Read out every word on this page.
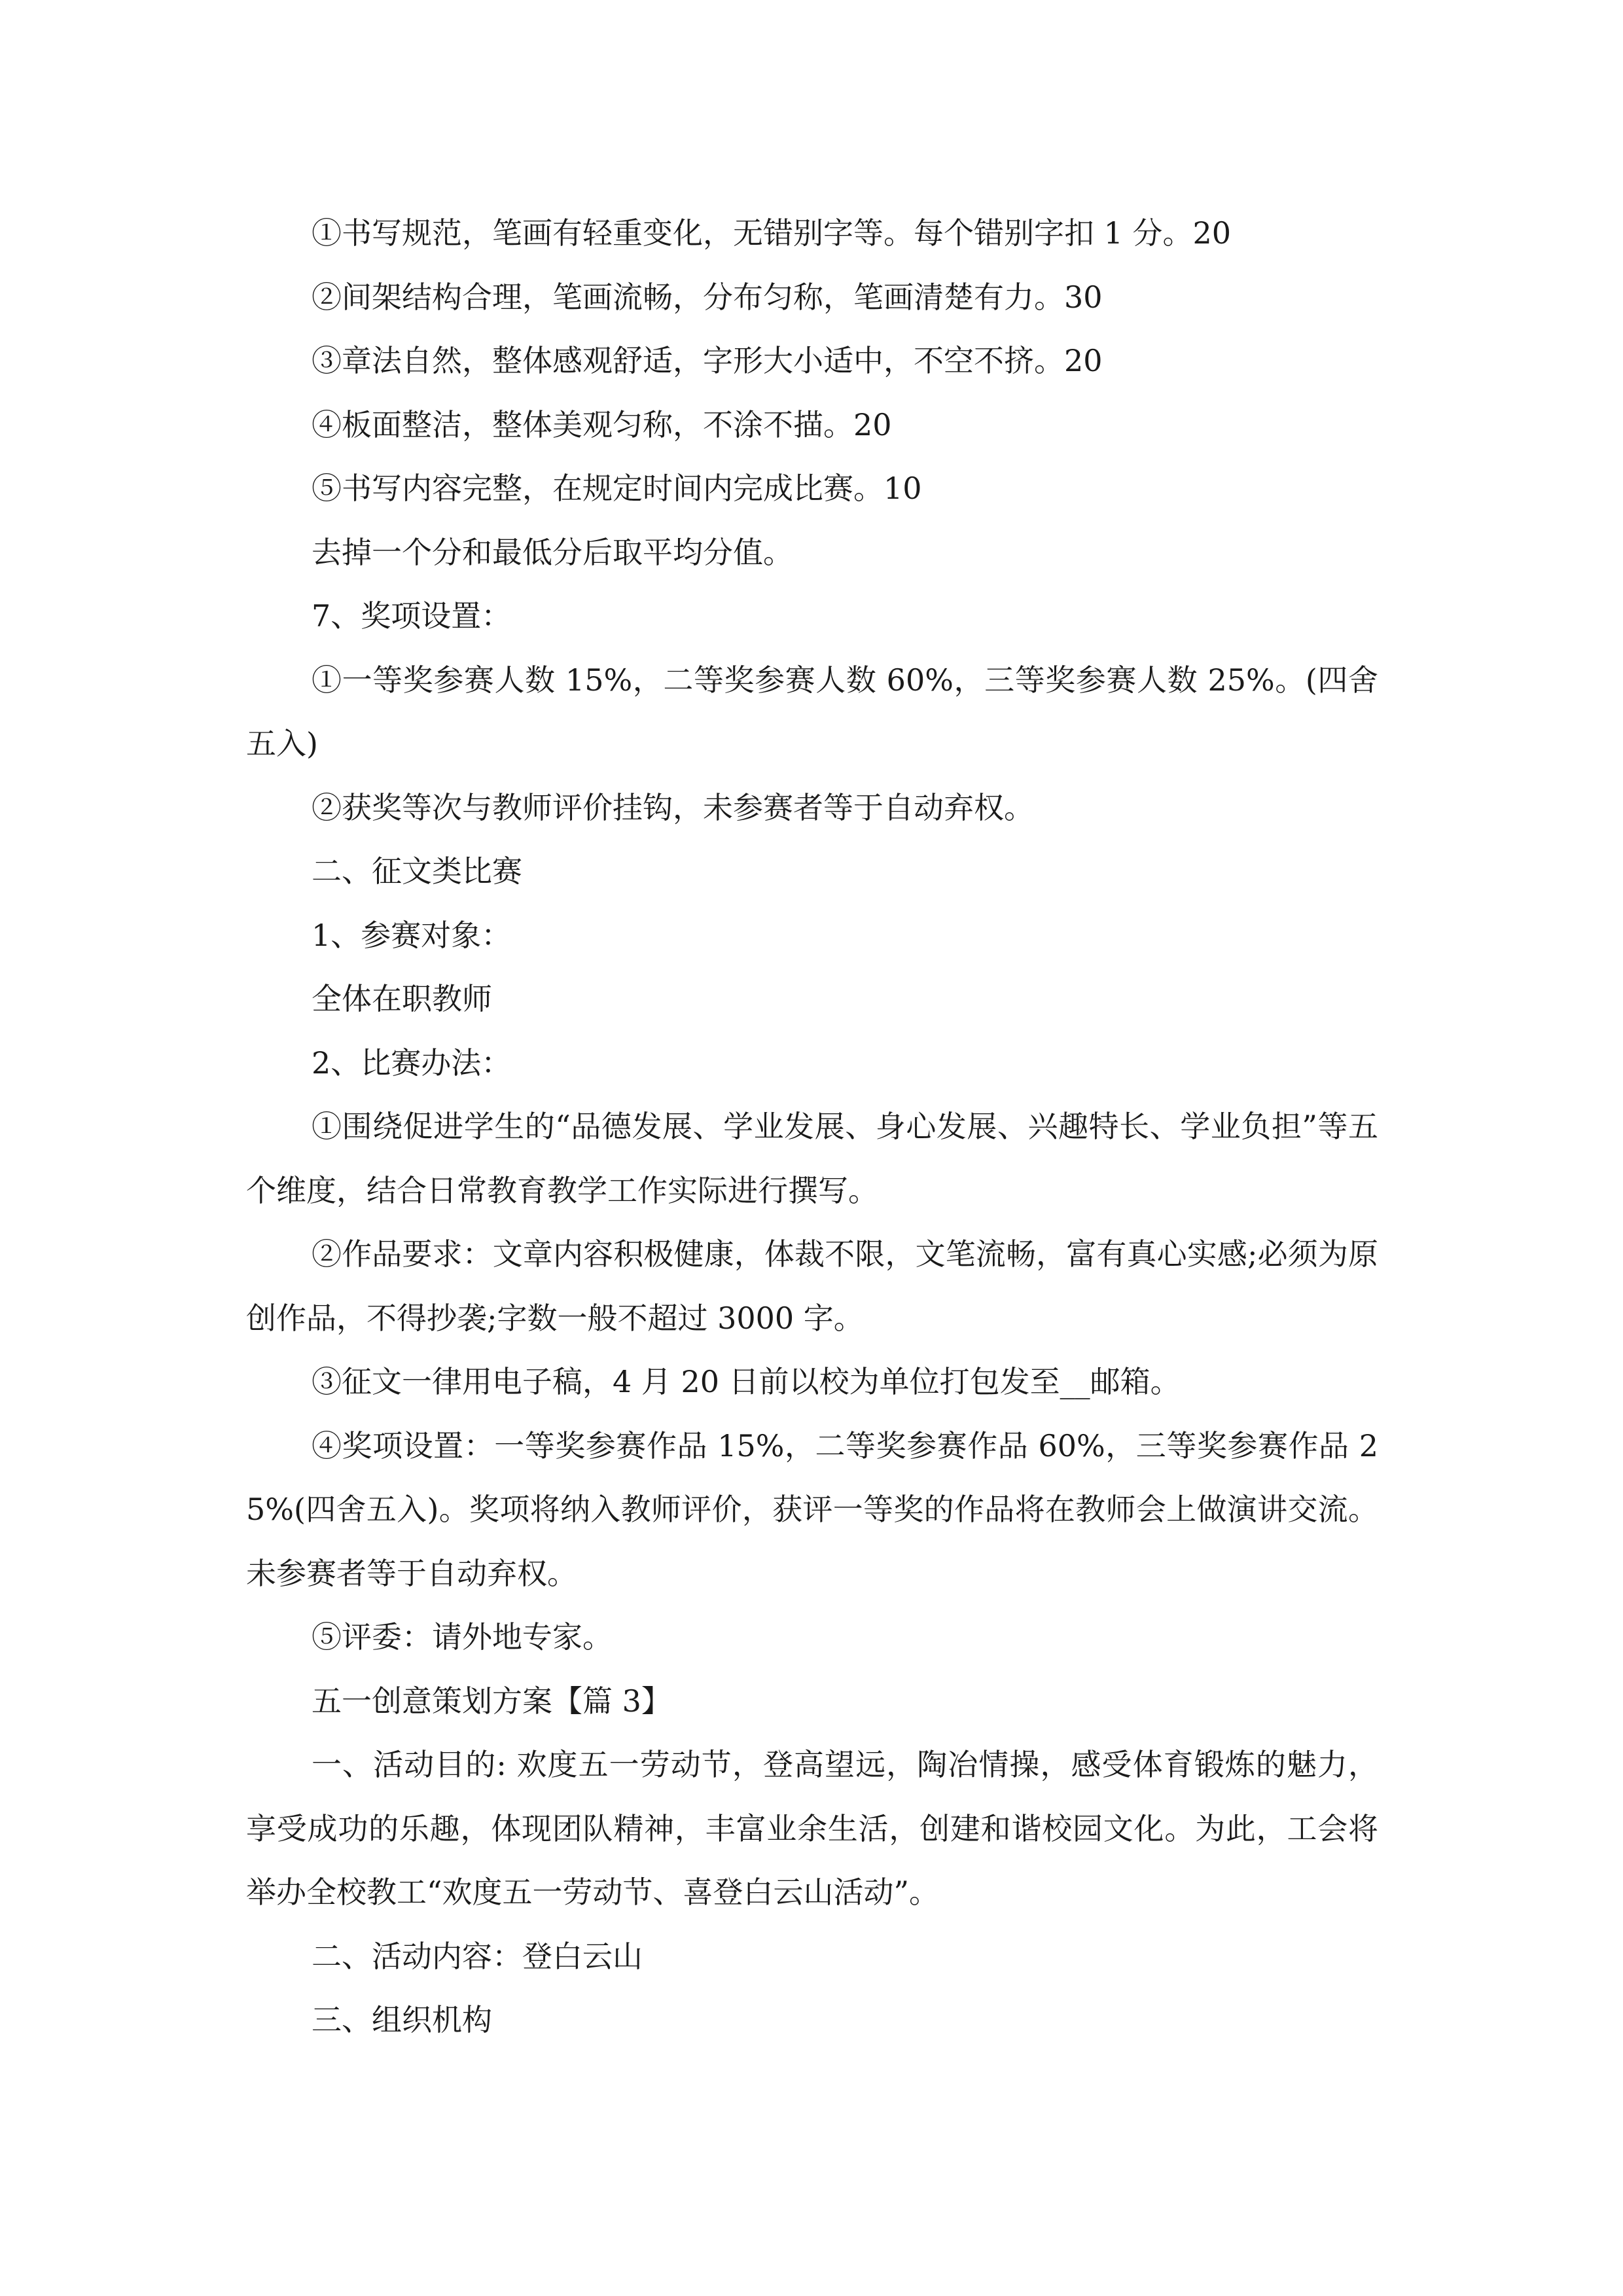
①书写规范，笔画有轻重变化，无错别字等。每个错别字扣 1 分。20

②间架结构合理，笔画流畅，分布匀称，笔画清楚有力。30

③章法自然，整体感观舒适，字形大小适中，不空不挤。20

④板面整洁，整体美观匀称，不涂不描。20

⑤书写内容完整，在规定时间内完成比赛。10

去掉一个分和最低分后取平均分值。

7、奖项设置：

①一等奖参赛人数 15%，二等奖参赛人数 60%，三等奖参赛人数 25%。(四舍五入)

②获奖等次与教师评价挂钩，未参赛者等于自动弃权。

二、征文类比赛

1、参赛对象：

全体在职教师

2、比赛办法：

①围绕促进学生的“品德发展、学业发展、身心发展、兴趣特长、学业负担”等五个维度，结合日常教育教学工作实际进行撰写。

②作品要求：文章内容积极健康，体裁不限，文笔流畅，富有真心实感;必须为原创作品，不得抄袭;字数一般不超过 3000 字。

③征文一律用电子稿，4 月 20 日前以校为单位打包发至__邮箱。

④奖项设置：一等奖参赛作品 15%，二等奖参赛作品 60%，三等奖参赛作品 25%(四舍五入)。奖项将纳入教师评价，获评一等奖的作品将在教师会上做演讲交流。未参赛者等于自动弃权。

⑤评委：请外地专家。

五一创意策划方案【篇 3】

一、活动目的: 欢度五一劳动节，登高望远，陶冶情操，感受体育锻炼的魅力，享受成功的乐趣，体现团队精神，丰富业余生活，创建和谐校园文化。为此，工会将举办全校教工“欢度五一劳动节、喜登白云山活动”。

二、活动内容：登白云山

三、组织机构
